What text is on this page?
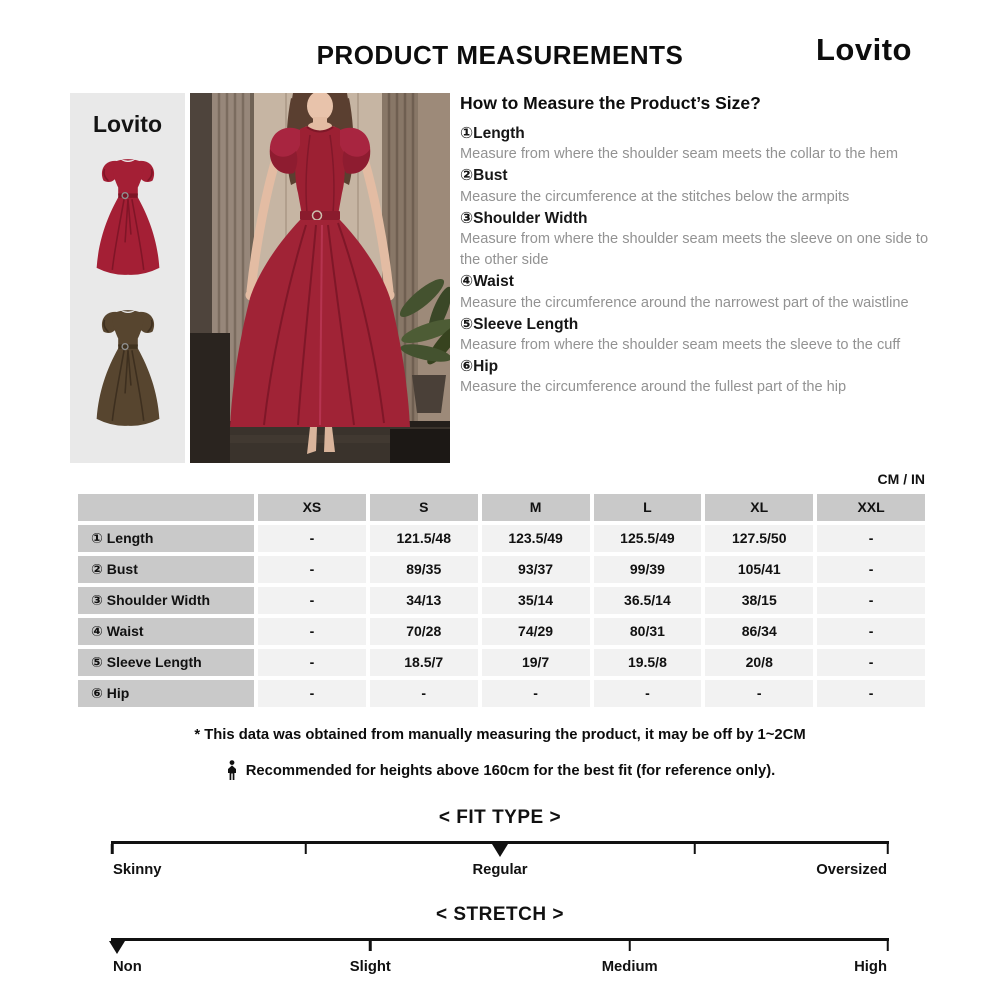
PRODUCT MEASUREMENTS	Lovito
Lovito
How to Measure the Product’s Size?
①Length
Measure from where the shoulder seam meets the collar to the hem
②Bust
Measure the circumference at the stitches below the armpits
③Shoulder Width
Measure from where the shoulder seam meets the sleeve on one side to the other side
④Waist
Measure the circumference around the narrowest part of the waistline
⑤Sleeve Length
Measure from where the shoulder seam meets the sleeve to the cuff
⑥Hip
Measure the circumference around the fullest part of the hip
CM / IN
XS	S	M	L	XL	XXL
① Length	-	121.5/48	123.5/49	125.5/49	127.5/50	-
② Bust	-	89/35	93/37	99/39	105/41	-
③ Shoulder Width	-	34/13	35/14	36.5/14	38/15	-
④ Waist	-	70/28	74/29	80/31	86/34	-
⑤ Sleeve Length	-	18.5/7	19/7	19.5/8	20/8	-
⑥ Hip	-	-	-	-	-	-
* This data was obtained from manually measuring the product, it may be off by 1~2CM
Recommended for heights above 160cm for the best fit (for reference only).
< FIT TYPE >
Skinny	Regular	Oversized
< STRETCH >
Non	Slight	Medium	High
